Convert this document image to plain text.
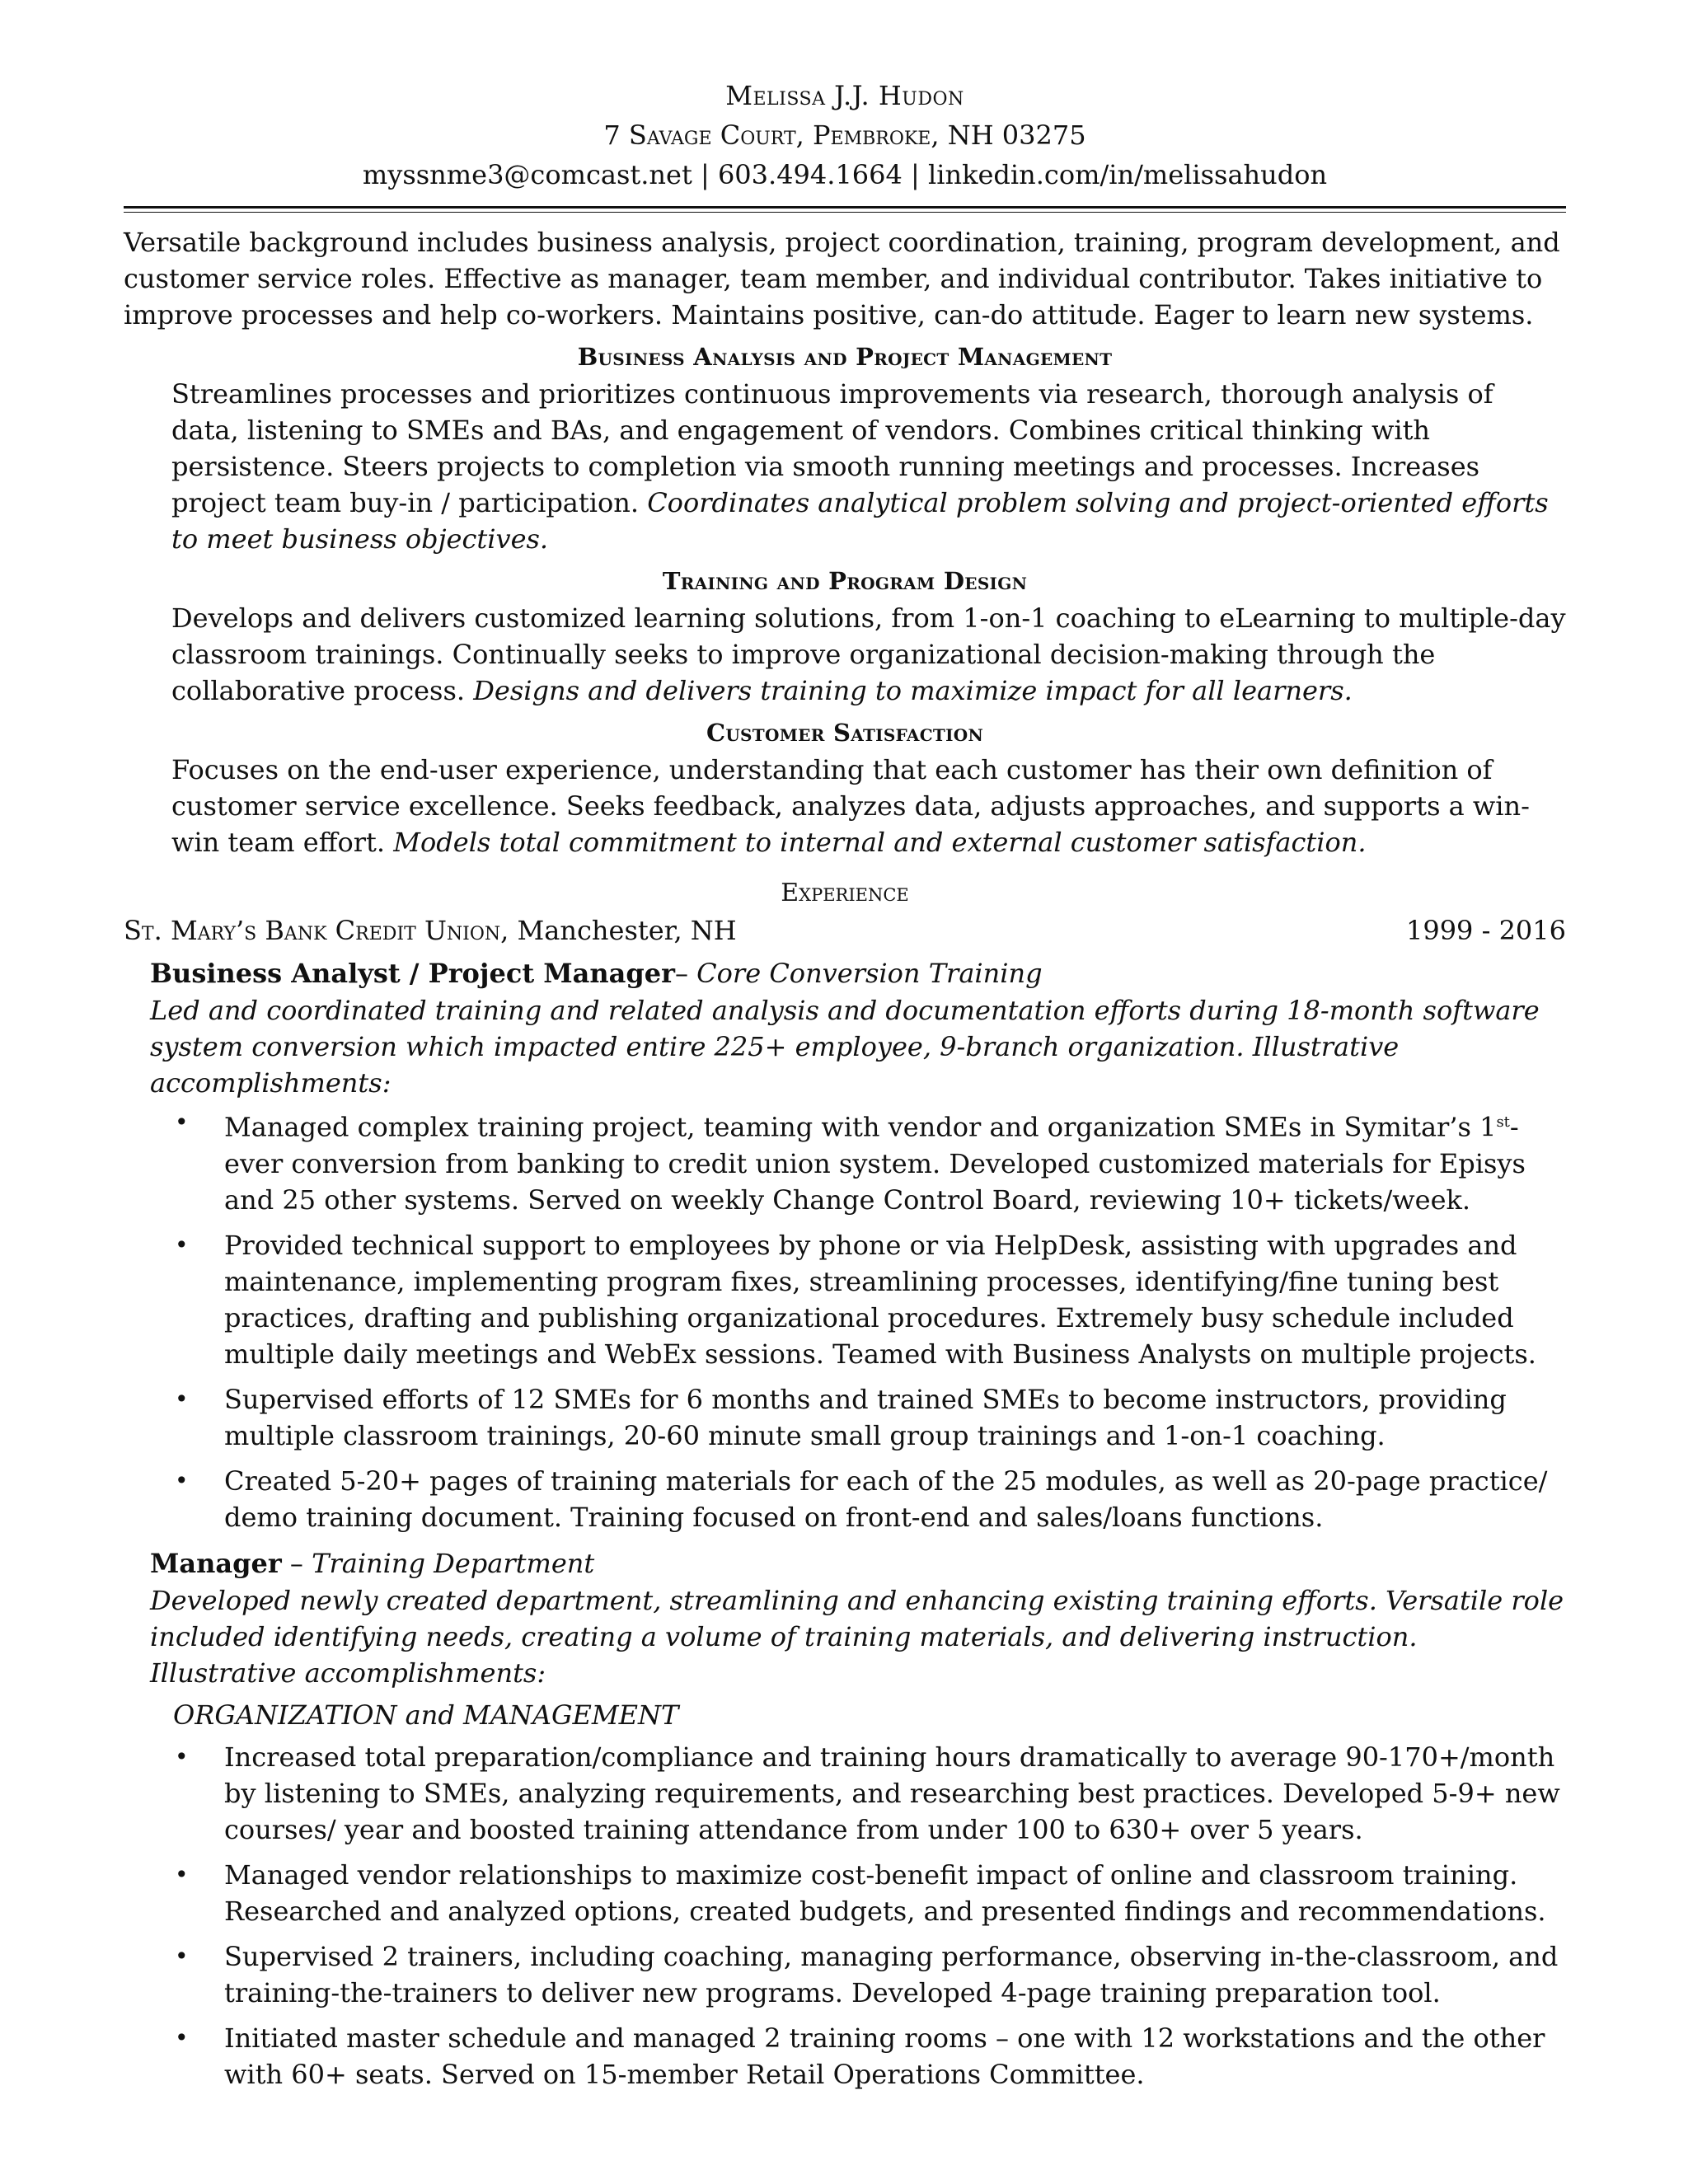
Melissa J.J. Hudon
7 Savage Court, Pembroke, NH 03275
myssnme3@comcast.net | 603.494.1664 | linkedin.com/in/melissahudon
Versatile background includes business analysis, project coordination, training, program development, and customer service roles. Effective as manager, team member, and individual contributor. Takes initiative to improve processes and help co-workers. Maintains positive, can-do attitude. Eager to learn new systems.
Business Analysis and Project Management
Streamlines processes and prioritizes continuous improvements via research, thorough analysis of data, listening to SMEs and BAs, and engagement of vendors. Combines critical thinking with persistence. Steers projects to completion via smooth running meetings and processes. Increases project team buy-in / participation. Coordinates analytical problem solving and project-oriented efforts to meet business objectives.
Training and Program Design
Develops and delivers customized learning solutions, from 1-on-1 coaching to eLearning to multiple-day classroom trainings. Continually seeks to improve organizational decision-making through the collaborative process. Designs and delivers training to maximize impact for all learners.
Customer Satisfaction
Focuses on the end-user experience, understanding that each customer has their own definition of customer service excellence. Seeks feedback, analyzes data, adjusts approaches, and supports a win-win team effort. Models total commitment to internal and external customer satisfaction.
Experience
St. Mary’s Bank Credit Union, Manchester, NH	1999 - 2016
Business Analyst / Project Manager– Core Conversion Training
Led and coordinated training and related analysis and documentation efforts during 18-month software system conversion which impacted entire 225+ employee, 9-branch organization. Illustrative accomplishments:
• Managed complex training project, teaming with vendor and organization SMEs in Symitar’s 1st-ever conversion from banking to credit union system. Developed customized materials for Episys and 25 other systems. Served on weekly Change Control Board, reviewing 10+ tickets/week.
• Provided technical support to employees by phone or via HelpDesk, assisting with upgrades and maintenance, implementing program fixes, streamlining processes, identifying/fine tuning best practices, drafting and publishing organizational procedures. Extremely busy schedule included multiple daily meetings and WebEx sessions. Teamed with Business Analysts on multiple projects.
• Supervised efforts of 12 SMEs for 6 months and trained SMEs to become instructors, providing multiple classroom trainings, 20-60 minute small group trainings and 1-on-1 coaching.
• Created 5-20+ pages of training materials for each of the 25 modules, as well as 20-page practice/ demo training document. Training focused on front-end and sales/loans functions.
Manager – Training Department
Developed newly created department, streamlining and enhancing existing training efforts. Versatile role included identifying needs, creating a volume of training materials, and delivering instruction. Illustrative accomplishments:
ORGANIZATION and MANAGEMENT
• Increased total preparation/compliance and training hours dramatically to average 90-170+/month by listening to SMEs, analyzing requirements, and researching best practices. Developed 5-9+ new courses/ year and boosted training attendance from under 100 to 630+ over 5 years.
• Managed vendor relationships to maximize cost-benefit impact of online and classroom training. Researched and analyzed options, created budgets, and presented findings and recommendations.
• Supervised 2 trainers, including coaching, managing performance, observing in-the-classroom, and training-the-trainers to deliver new programs. Developed 4-page training preparation tool.
• Initiated master schedule and managed 2 training rooms – one with 12 workstations and the other with 60+ seats. Served on 15-member Retail Operations Committee.
